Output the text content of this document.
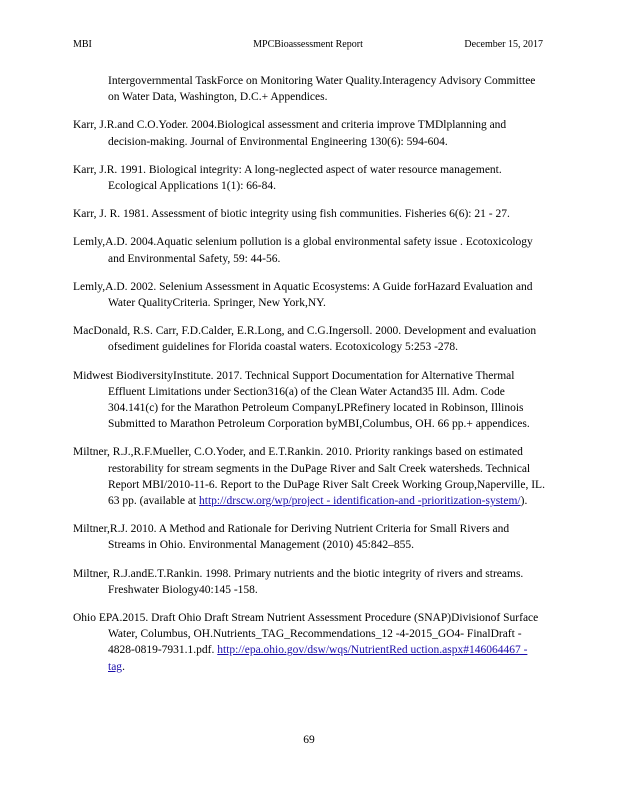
MBI	MPCBioassessment Report	December 15, 2017

Intergovernmental TaskForce on Monitoring Water Quality.Interagency Advisory Committee on Water Data, Washington, D.C.+ Appendices.

Karr, J.R.and C.O.Yoder. 2004.Biological assessment and criteria improve TMDlplanning and decision-making. Journal of Environmental Engineering 130(6): 594-604.

Karr, J.R. 1991. Biological integrity: A long-neglected aspect of water resource management. Ecological Applications 1(1): 66-84.

Karr, J. R. 1981. Assessment of biotic integrity using fish communities. Fisheries 6(6): 21 - 27.

Lemly,A.D. 2004.Aquatic selenium pollution is a global environmental safety issue . Ecotoxicology and Environmental Safety, 59: 44-56.

Lemly,A.D. 2002. Selenium Assessment in Aquatic Ecosystems: A Guide forHazard Evaluation and Water QualityCriteria. Springer, New York,NY.

MacDonald, R.S. Carr, F.D.Calder, E.R.Long, and C.G.Ingersoll. 2000. Development and evaluation ofsediment guidelines for Florida coastal waters. Ecotoxicology 5:253 -278.

Midwest BiodiversityInstitute. 2017. Technical Support Documentation for Alternative Thermal Effluent Limitations under Section316(a) of the Clean Water Actand35 Ill. Adm. Code 304.141(c) for the Marathon Petroleum CompanyLPRefinery located in Robinson, Illinois Submitted to Marathon Petroleum Corporation byMBI,Columbus, OH. 66 pp.+ appendices.

Miltner, R.J.,R.F.Mueller, C.O.Yoder, and E.T.Rankin. 2010. Priority rankings based on estimated restorability for stream segments in the DuPage River and Salt Creek watersheds. Technical Report MBI/2010-11-6. Report to the DuPage River Salt Creek Working Group,Naperville, IL. 63 pp. (available at http://drscw.org/wp/project - identification-and -prioritization-system/).

Miltner,R.J. 2010. A Method and Rationale for Deriving Nutrient Criteria for Small Rivers and Streams in Ohio. Environmental Management (2010) 45:842–855.

Miltner, R.J.andE.T.Rankin. 1998. Primary nutrients and the biotic integrity of rivers and streams. Freshwater Biology40:145 -158.

Ohio EPA.2015. Draft Ohio Draft Stream Nutrient Assessment Procedure (SNAP)Divisionof Surface Water, Columbus, OH.Nutrients_TAG_Recommendations_12 -4-2015_GO4- FinalDraft - 4828-0819-7931.1.pdf. http://epa.ohio.gov/dsw/wqs/NutrientRed uction.aspx#146064467 - tag.

69
